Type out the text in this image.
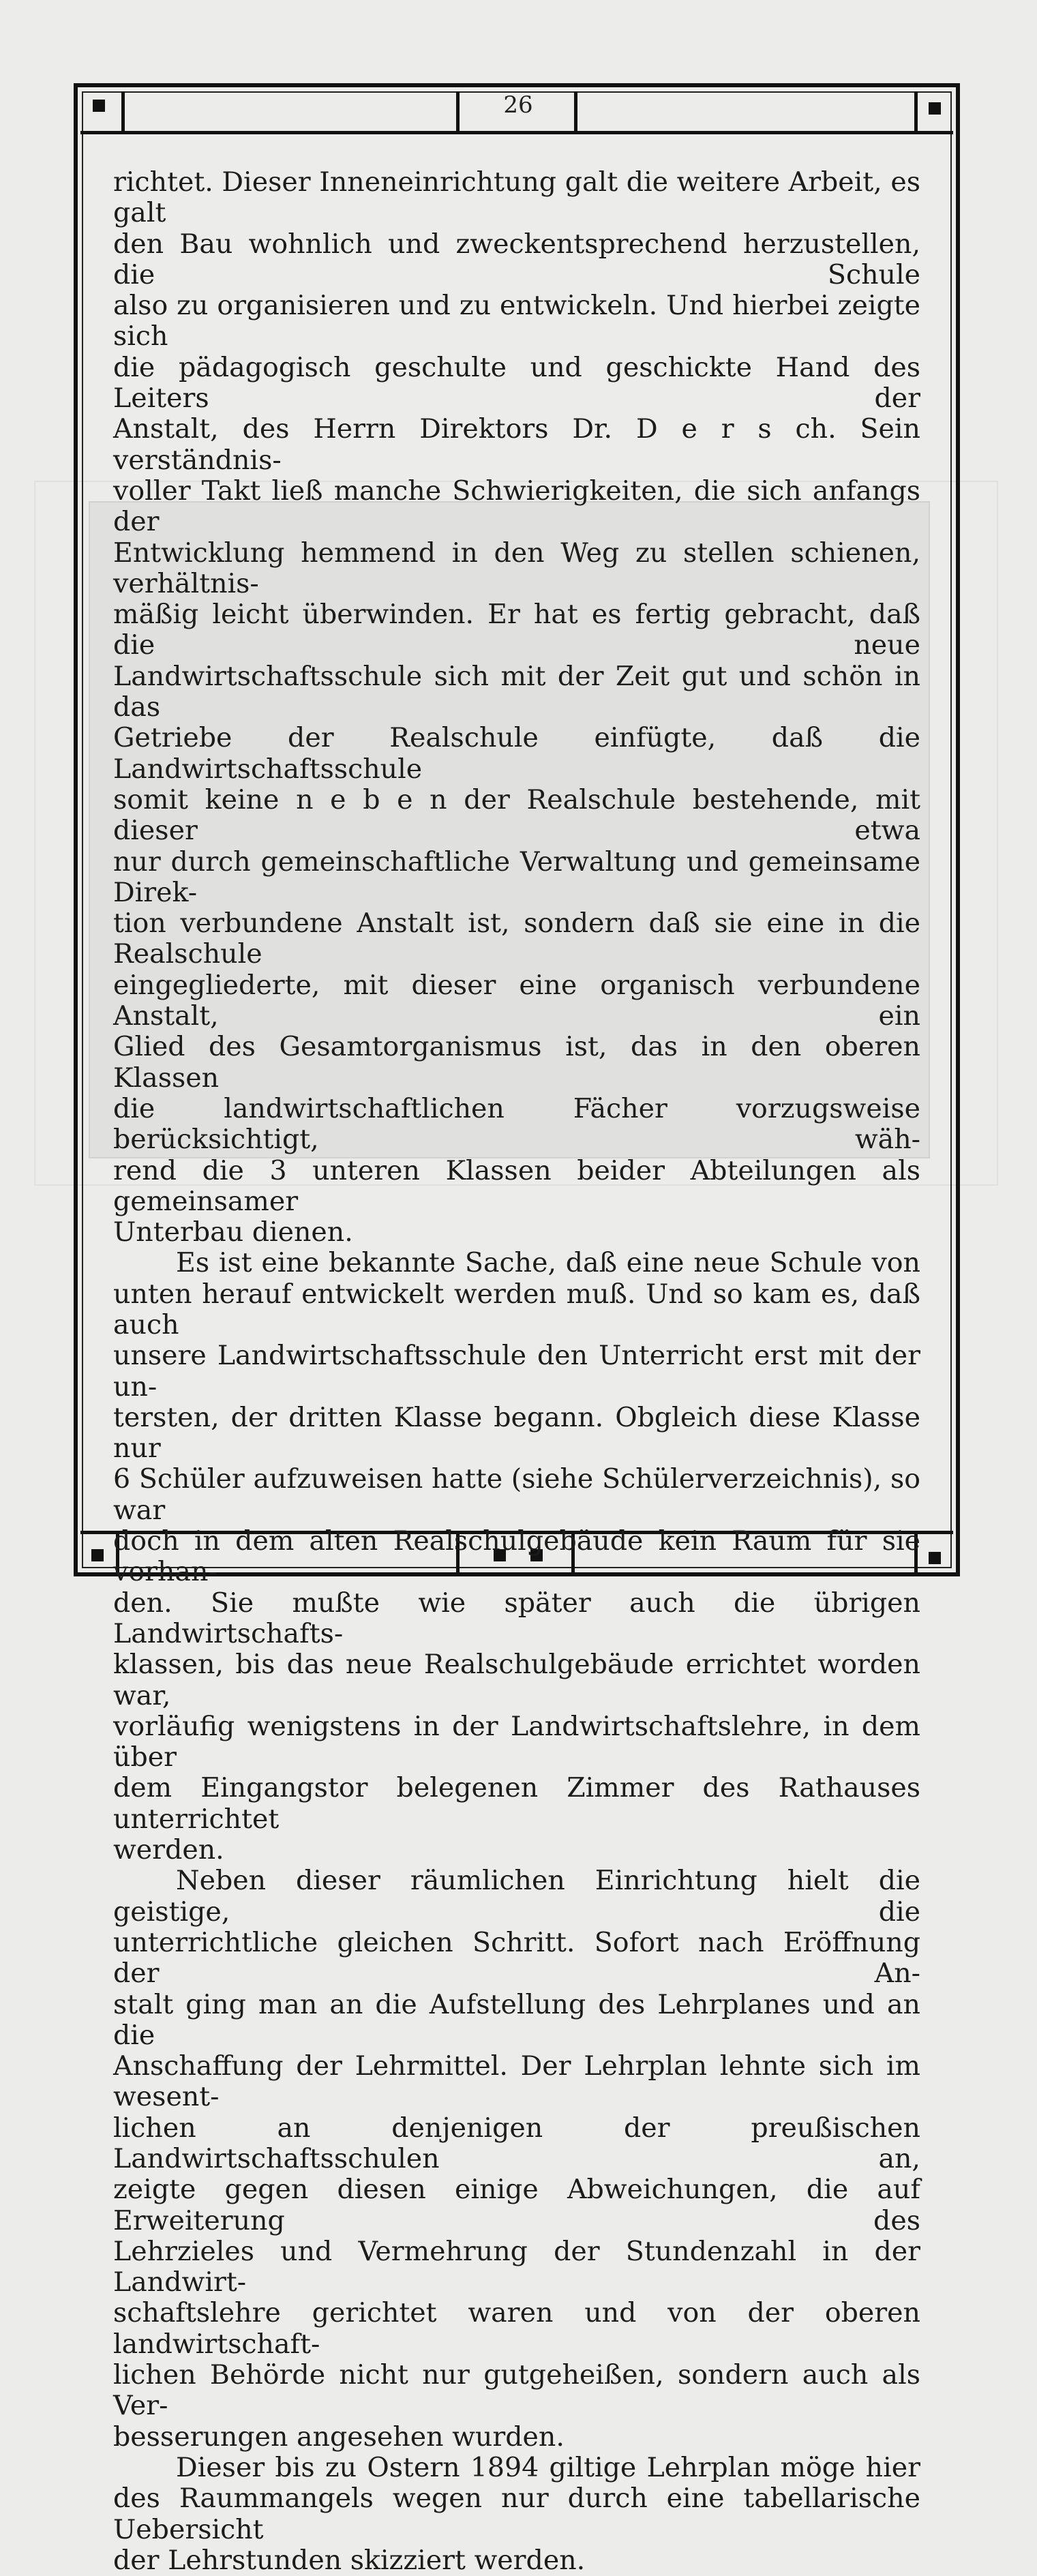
26

richtet. Dieser Inneneinrichtung galt die weitere Arbeit, es galt

den Bau wohnlich und zweckentsprechend herzustellen, die Schule

also zu organisieren und zu entwickeln. Und hierbei zeigte sich

die pädagogisch geschulte und geschickte Hand des Leiters der

Anstalt, des Herrn Direktors Dr. D e r s ch. Sein verständnis-

voller Takt ließ manche Schwierigkeiten, die sich anfangs der

Entwicklung hemmend in den Weg zu stellen schienen, verhältnis-

mäßig leicht überwinden. Er hat es fertig gebracht, daß die neue

Landwirtschaftsschule sich mit der Zeit gut und schön in das

Getriebe der Realschule einfügte, daß die Landwirtschaftsschule

somit keine n e b e n der Realschule bestehende, mit dieser etwa

nur durch gemeinschaftliche Verwaltung und gemeinsame Direk-

tion verbundene Anstalt ist, sondern daß sie eine in die Realschule

eingegliederte, mit dieser eine organisch verbundene Anstalt, ein

Glied des Gesamtorganismus ist, das in den oberen Klassen

die landwirtschaftlichen Fächer vorzugsweise berücksichtigt, wäh-

rend die 3 unteren Klassen beider Abteilungen als gemeinsamer

Unterbau dienen.

Es ist eine bekannte Sache, daß eine neue Schule von

unten herauf entwickelt werden muß. Und so kam es, daß auch

unsere Landwirtschaftsschule den Unterricht erst mit der un-

tersten, der dritten Klasse begann. Obgleich diese Klasse nur

6 Schüler aufzuweisen hatte (siehe Schülerverzeichnis), so war

doch in dem alten Realschulgebäude kein Raum für sie vorhan-

den. Sie mußte wie später auch die übrigen Landwirtschafts-

klassen, bis das neue Realschulgebäude errichtet worden war,

vorläufig wenigstens in der Landwirtschaftslehre, in dem über

dem Eingangstor belegenen Zimmer des Rathauses unterrichtet

werden.

Neben dieser räumlichen Einrichtung hielt die geistige, die

unterrichtliche gleichen Schritt. Sofort nach Eröffnung der An-

stalt ging man an die Aufstellung des Lehrplanes und an die

Anschaffung der Lehrmittel. Der Lehrplan lehnte sich im wesent-

lichen an denjenigen der preußischen Landwirtschaftsschulen an,

zeigte gegen diesen einige Abweichungen, die auf Erweiterung des

Lehrzieles und Vermehrung der Stundenzahl in der Landwirt-

schaftslehre gerichtet waren und von der oberen landwirtschaft-

lichen Behörde nicht nur gutgeheißen, sondern auch als Ver-

besserungen angesehen wurden.

Dieser bis zu Ostern 1894 giltige Lehrplan möge hier

des Raummangels wegen nur durch eine tabellarische Uebersicht

der Lehrstunden skizziert werden.
